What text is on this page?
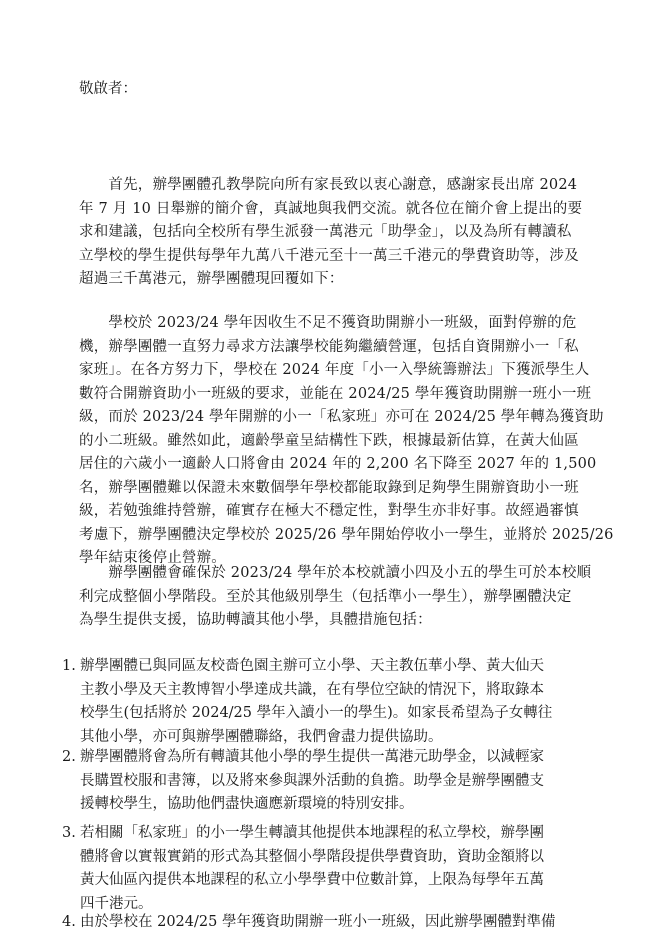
敬啟者：
　　首先，辦學團體孔教學院向所有家長致以衷心謝意，感謝家長出席 2024
年 7 月 10 日舉辦的簡介會，真誠地與我們交流。就各位在簡介會上提出的要
求和建議，包括向全校所有學生派發一萬港元「助學金」，以及為所有轉讀私
立學校的學生提供每學年九萬八千港元至十一萬三千港元的學費資助等，涉及
超過三千萬港元，辦學團體現回覆如下：
　　學校於 2023/24 學年因收生不足不獲資助開辦小一班級，面對停辦的危
機，辦學團體一直努力尋求方法讓學校能夠繼續營運，包括自資開辦小一「私
家班」。在各方努力下，學校在 2024 年度「小一入學統籌辦法」下獲派學生人
數符合開辦資助小一班級的要求，並能在 2024/25 學年獲資助開辦一班小一班
級，而於 2023/24 學年開辦的小一「私家班」亦可在 2024/25 學年轉為獲資助
的小二班級。雖然如此，適齡學童呈結構性下跌，根據最新估算，在黃大仙區
居住的六歲小一適齡人口將會由 2024 年的 2,200 名下降至 2027 年的 1,500
名，辦學團體難以保證未來數個學年學校都能取錄到足夠學生開辦資助小一班
級，若勉強維持營辦，確實存在極大不穩定性，對學生亦非好事。故經過審慎
考慮下，辦學團體決定學校於 2025/26 學年開始停收小一學生，並將於 2025/26
學年結束後停止營辦。
　　辦學團體會確保於 2023/24 學年於本校就讀小四及小五的學生可於本校順
利完成整個小學階段。至於其他級別學生（包括準小一學生），辦學團體決定
為學生提供支援，協助轉讀其他小學，具體措施包括：
1. 辦學團體已與同區友校嗇色園主辦可立小學、天主教伍華小學、黃大仙天
主教小學及天主教博智小學達成共識，在有學位空缺的情況下，將取錄本
校學生(包括將於 2024/25 學年入讀小一的學生)。如家長希望為子女轉往
其他小學，亦可與辦學團體聯絡，我們會盡力提供協助。
2. 辦學團體將會為所有轉讀其他小學的學生提供一萬港元助學金，以減輕家
長購置校服和書簿，以及將來參與課外活動的負擔。助學金是辦學團體支
援轉校學生，協助他們盡快適應新環境的特別安排。
3. 若相關「私家班」的小一學生轉讀其他提供本地課程的私立學校，辦學團
體將會以實報實銷的形式為其整個小學階段提供學費資助，資助金額將以
黃大仙區內提供本地課程的私立小學學費中位數計算，上限為每學年五萬
四千港元。
4. 由於學校在 2024/25 學年獲資助開辦一班小一班級，因此辦學團體對準備
